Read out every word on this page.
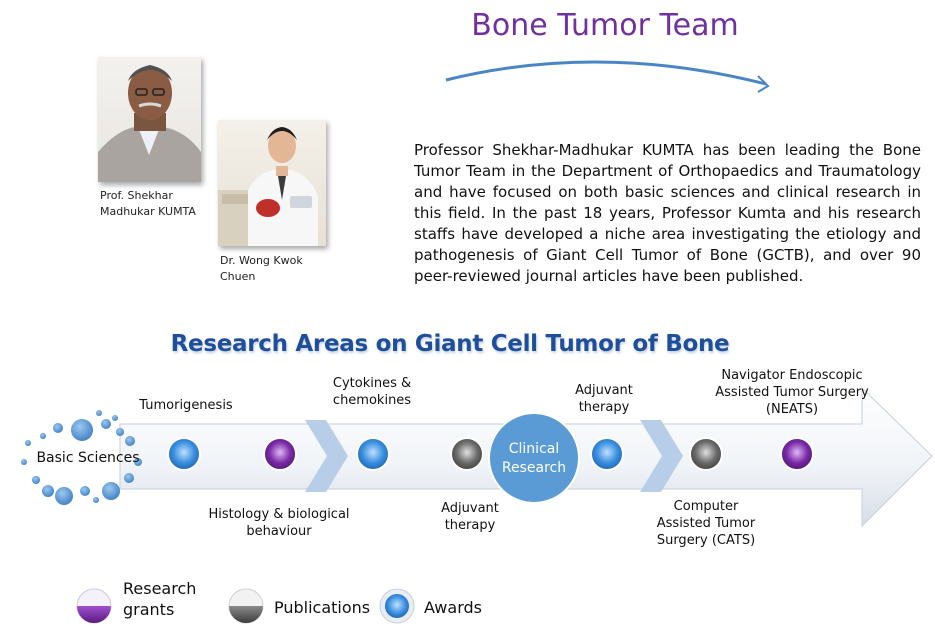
Bone Tumor Team
Prof. Shekhar Madhukar KUMTA
Dr. Wong Kwok Chuen
Professor Shekhar-Madhukar KUMTA has been leading the Bone Tumor Team in the Department of Orthopaedics and Traumatology and have focused on both basic sciences and clinical research in this field. In the past 18 years, Professor Kumta and his research staffs have developed a niche area investigating the etiology and pathogenesis of Giant Cell Tumor of Bone (GCTB), and over 90 peer-reviewed journal articles have been published.
Research Areas on Giant Cell Tumor of Bone
Basic Sciences
Clinical Research
Tumorigenesis
Histology & biological behaviour
Cytokines & chemokines
Adjuvant therapy
Adjuvant therapy
Computer Assisted Tumor Surgery (CATS)
Navigator Endoscopic Assisted Tumor Surgery (NEATS)
Research grants	Publications	Awards
